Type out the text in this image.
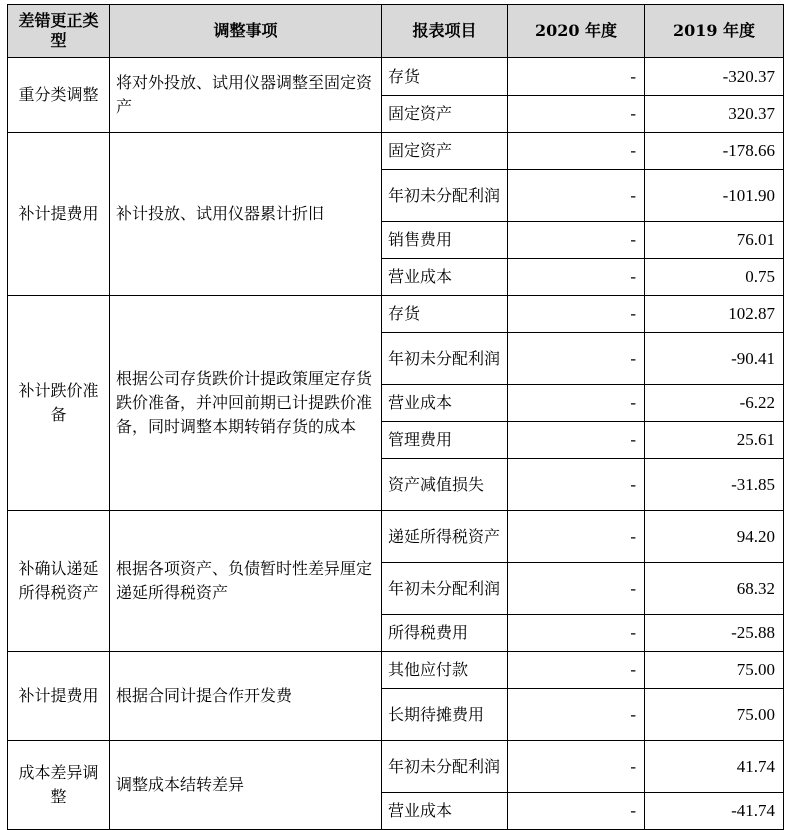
差错更正类型	调整事项	报表项目	2020 年度	2019 年度
重分类调整	将对外投放、试用仪器调整至固定资产	存货	-	-320.37
		固定资产	-	320.37
补计提费用	补计投放、试用仪器累计折旧	固定资产	-	-178.66
		年初未分配利润	-	-101.90
		销售费用	-	76.01
		营业成本	-	0.75
补计跌价准备	根据公司存货跌价计提政策厘定存货跌价准备，并冲回前期已计提跌价准备，同时调整本期转销存货的成本	存货	-	102.87
		年初未分配利润	-	-90.41
		营业成本	-	-6.22
		管理费用	-	25.61
		资产减值损失	-	-31.85
补确认递延所得税资产	根据各项资产、负债暂时性差异厘定递延所得税资产	递延所得税资产	-	94.20
		年初未分配利润	-	68.32
		所得税费用	-	-25.88
补计提费用	根据合同计提合作开发费	其他应付款	-	75.00
		长期待摊费用	-	75.00
成本差异调整	调整成本结转差异	年初未分配利润	-	41.74
		营业成本	-	-41.74
